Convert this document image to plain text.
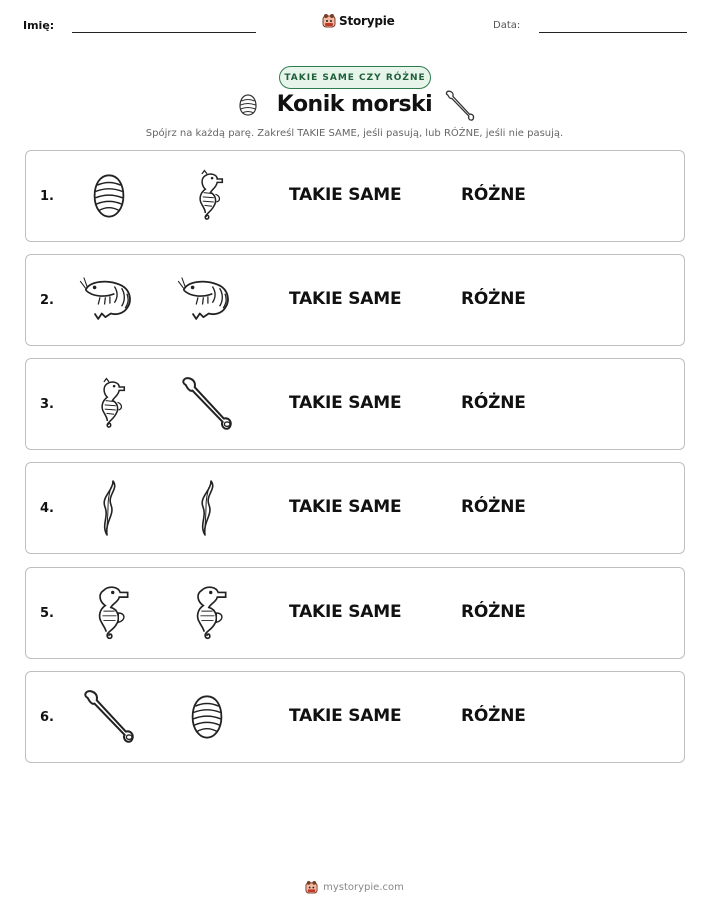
Imię:	Storypie	Data:
TAKIE SAME CZY RÓŻNE
Konik morski
Spójrz na każdą parę. Zakreśl TAKIE SAME, jeśli pasują, lub RÓŻNE, jeśli nie pasują.
1.	TAKIE SAME	RÓŻNE
2.	TAKIE SAME	RÓŻNE
3.	TAKIE SAME	RÓŻNE
4.	TAKIE SAME	RÓŻNE
5.	TAKIE SAME	RÓŻNE
6.	TAKIE SAME	RÓŻNE
mystorypie.com
